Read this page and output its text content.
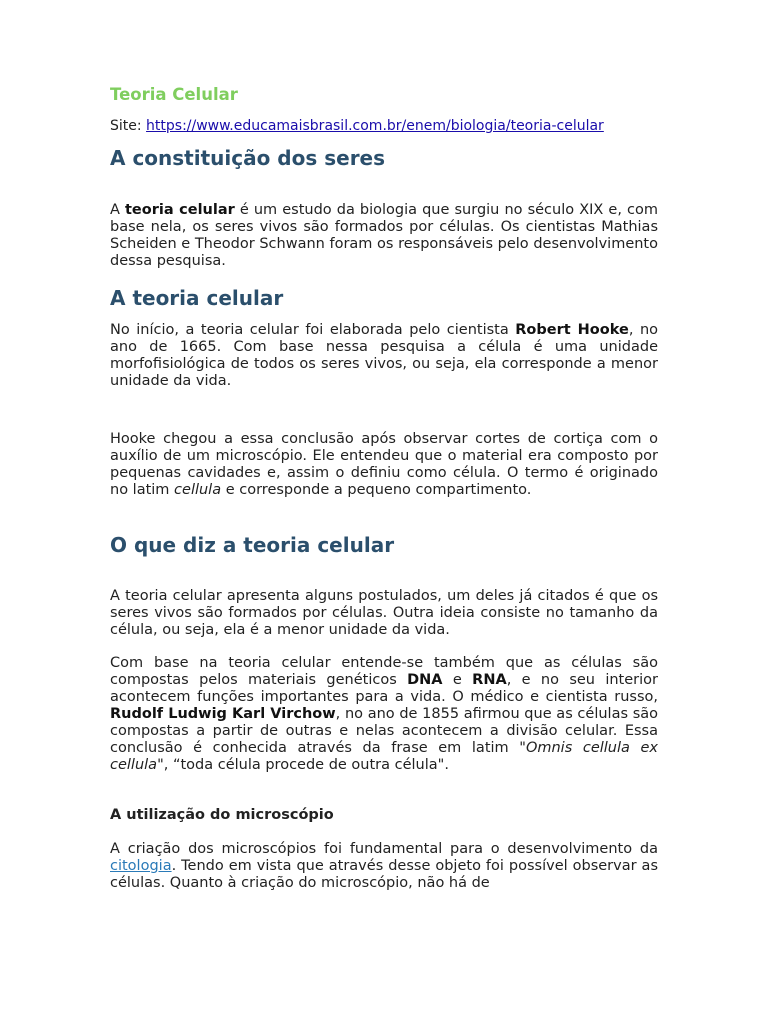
Teoria Celular
Site: https://www.educamaisbrasil.com.br/enem/biologia/teoria-celular
A constituição dos seres

A teoria celular é um estudo da biologia que surgiu no século XIX e, com base nela, os seres vivos são formados por células. Os cientistas Mathias Scheiden e Theodor Schwann foram os responsáveis pelo desenvolvimento dessa pesquisa.

A teoria celular

No início, a teoria celular foi elaborada pelo cientista Robert Hooke, no ano de 1665. Com base nessa pesquisa a célula é uma unidade morfofisiológica de todos os seres vivos, ou seja, ela corresponde a menor unidade da vida.

Hooke chegou a essa conclusão após observar cortes de cortiça com o auxílio de um microscópio. Ele entendeu que o material era composto por pequenas cavidades e, assim o definiu como célula. O termo é originado no latim cellula e corresponde a pequeno compartimento.

O que diz a teoria celular

A teoria celular apresenta alguns postulados, um deles já citados é que os seres vivos são formados por células. Outra ideia consiste no tamanho da célula, ou seja, ela é a menor unidade da vida.

Com base na teoria celular entende-se também que as células são compostas pelos materiais genéticos DNA e RNA, e no seu interior acontecem funções importantes para a vida. O médico e cientista russo, Rudolf Ludwig Karl Virchow, no ano de 1855 afirmou que as células são compostas a partir de outras e nelas acontecem a divisão celular. Essa conclusão é conhecida através da frase em latim "Omnis cellula ex cellula", “toda célula procede de outra célula".

A utilização do microscópio

A criação dos microscópios foi fundamental para o desenvolvimento da citologia. Tendo em vista que através desse objeto foi possível observar as células. Quanto à criação do microscópio, não há de
